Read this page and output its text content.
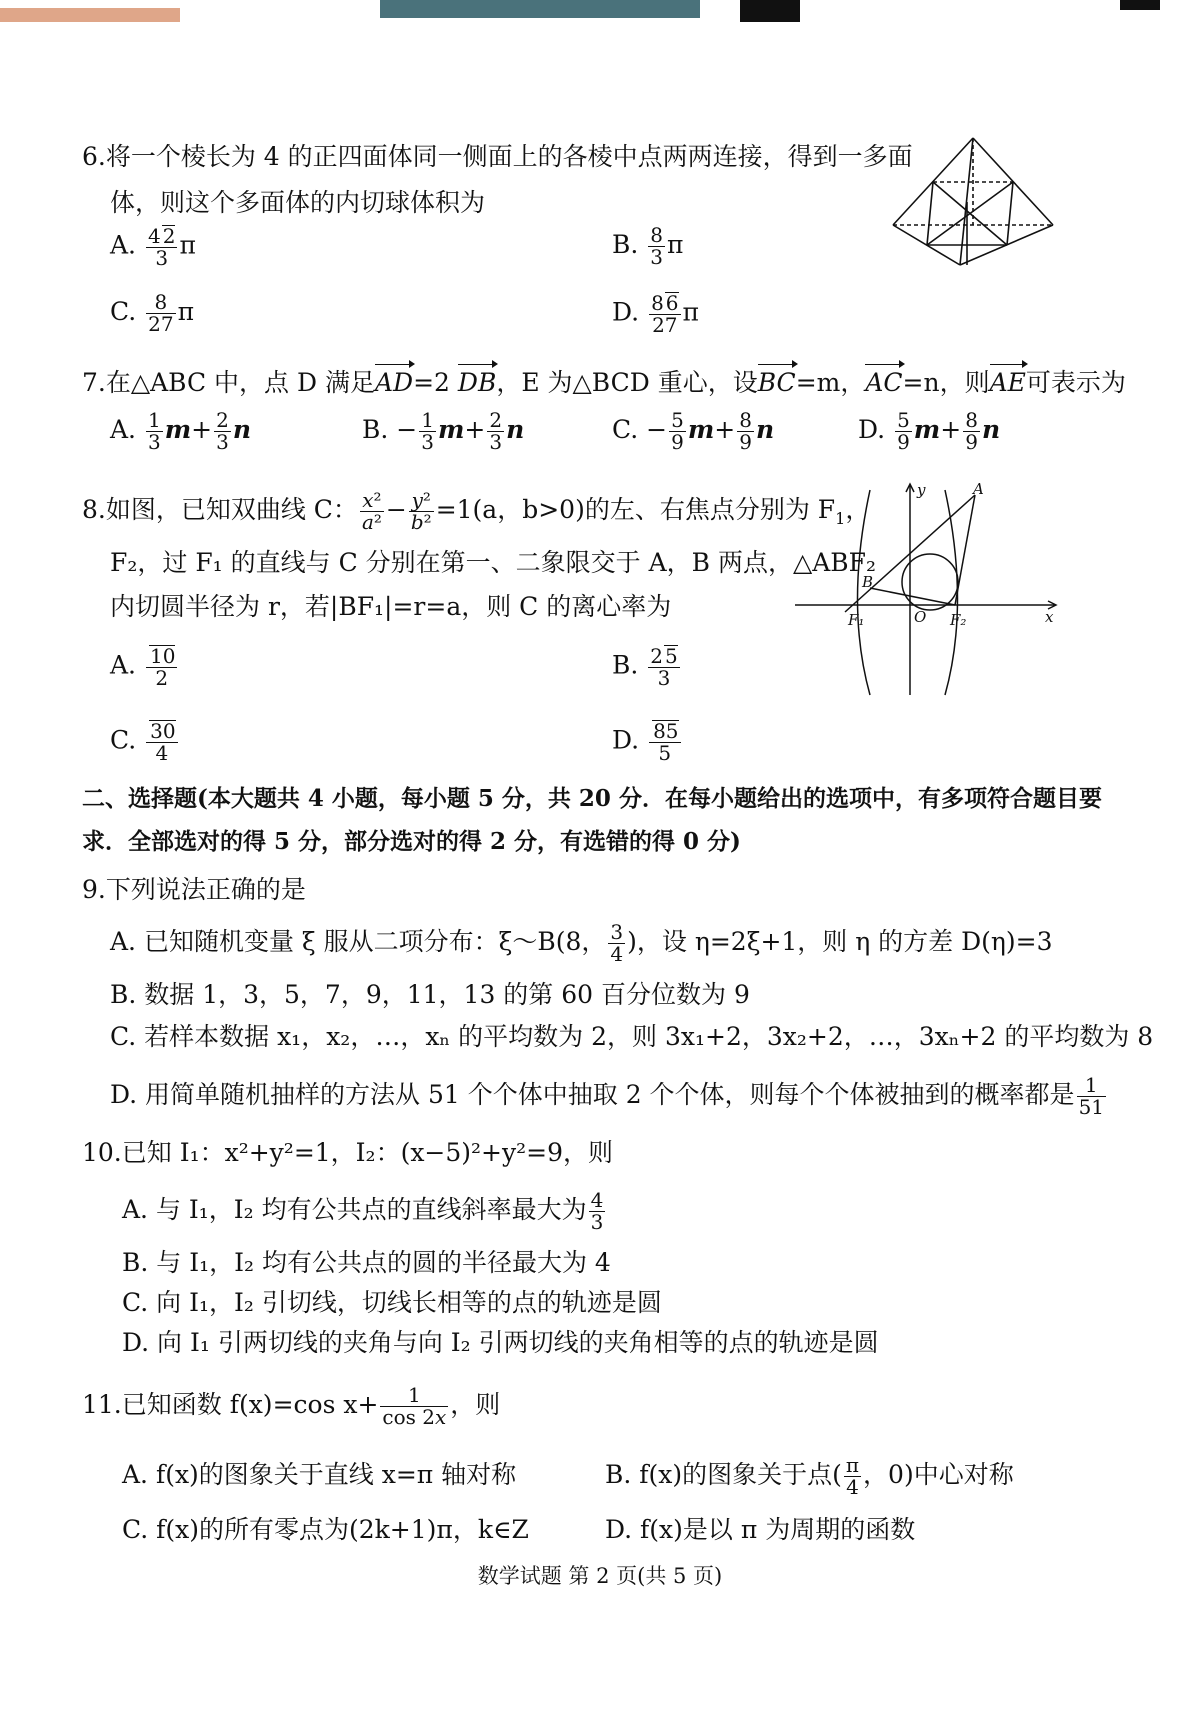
6.将一个棱长为 4 的正四面体同一侧面上的各棱中点两两连接，得到一多面
体，则这个多面体的内切球体积为
A. $\frac{4 2}{3}$ π	B. $\frac{8}{3}$ π
C. $\frac{8}{27}$ π	D. $\frac{8 6}{27}$ π
7.在△ABC 中，点 D 满足AD=2 DB，E 为△BCD 重心，设BC=m，AC=n，则AE可表示为
A. $\frac{1}{3} m+ \frac{2}{3}$ n	B. − $\frac{1}{3} m+ \frac{2}{3}$ n	C. − $\frac{5}{9} m+ \frac{8}{9}$ n	D. $\frac{5}{9} m+ \frac{8}{9}$ n
8.如图，已知双曲线 C： $\frac{\text{x²}}{\text{a²}} - \frac{\text{y²}}{\text{b²}} =1(a$，b>0)的左、右焦点分别为 $F_1$，
F₂，过 F₁ 的直线与 C 分别在第一、二象限交于 A，B 两点，△ABF₂
内切圆半径为 r，若|BF₁|=r=a，则 C 的离心率为
y
x
A
B
O
F₁	F₂
A. $\frac{10}{2}$	B. $\frac{2 5}{3}$
C. $\frac{30}{4}$	D. $\frac{85}{5}$
二、选择题(本大题共 4 小题，每小题 5 分，共 20 分．在每小题给出的选项中，有多项符合题目要
求．全部选对的得 5 分，部分选对的得 2 分，有选错的得 0 分)
9.下列说法正确的是
A. 已知随机变量 ξ 服从二项分布：ξ～B(8， $\frac{3}{4}$ )，设 η=2ξ+1，则 η 的方差 D(η)=3
B. 数据 1，3，5，7，9，11，13 的第 60 百分位数为 9
C. 若样本数据 x₁，x₂，…，xₙ 的平均数为 2，则 3x₁+2，3x₂+2，…，3xₙ+2 的平均数为 8
D. 用简单随机抽样的方法从 51 个个体中抽取 2 个个体，则每个个体被抽到的概率都是 $\frac{1}{51}$
10.已知 I₁：x²+y²=1，I₂：(x−5)²+y²=9，则
A. 与 I₁，I₂ 均有公共点的直线斜率最大为 $\frac{4}{3}$
B. 与 I₁，I₂ 均有公共点的圆的半径最大为 4
C. 向 I₁，I₂ 引切线，切线长相等的点的轨迹是圆
D. 向 I₁ 引两切线的夹角与向 I₂ 引两切线的夹角相等的点的轨迹是圆
11.已知函数 f(x)=cos $x+ \frac{1}{\cos 2x}$ ，则
A. f(x)的图象关于直线 x=π 轴对称	B. f(x)的图象关于点( $\frac{\pi}{4}$ ，0)中心对称
C. f(x)的所有零点为(2k+1)π，k∈Z	D. f(x)是以 π 为周期的函数
数学试题 第 2 页(共 5 页)
